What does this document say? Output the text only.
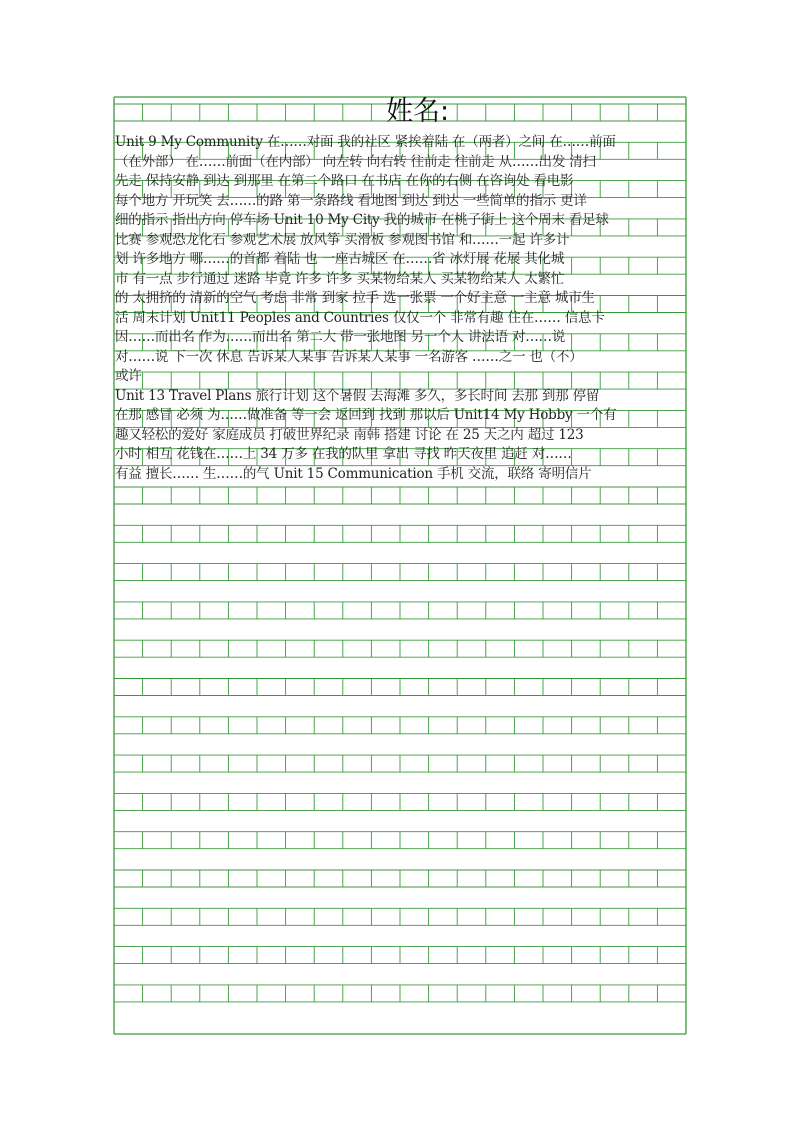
姓名:
Unit 9 My Community 在……对面 我的社区 紧挨着陆 在（两者）之间 在……前面
（在外部） 在……前面（在内部） 向左转 向右转 往前走 往前走 从……出发 清扫
先走 保持安静 到达 到那里 在第二个路口 在书店 在你的右侧 在咨询处 看电影
每个地方 开玩笑 去……的路 第一条路线 看地图 到达 到达 一些简单的指示 更详
细的指示 指出方向 停车场 Unit 10 My City 我的城市 在桃子街上 这个周末 看足球
比赛 参观恐龙化石 参观艺术展 放风筝 买滑板 参观图书馆 和……一起 许多计
划 许多地方 哪……的首都 着陆 也 一座古城区 在……省 冰灯展 花展 其化城
市 有一点 步行通过 迷路 毕竟 许多 许多 买某物给某人 买某物给某人 太繁忙
的 太拥挤的 清新的空气 考虑 非常 到家 拉手 选一张票 一个好主意 一主意 城市生
活 周末计划 Unit11 Peoples and Countries 仅仅一个 非常有趣 住在…… 信息卡
因……而出名 作为……而出名 第二大 带一张地图 另一个人 讲法语 对……说
对……说 下一次 休息 告诉某人某事 告诉某人某事 一名游客 ……之一 也（不）
或许
Unit 13 Travel Plans 旅行计划 这个暑假 去海滩 多久，多长时间 去那 到那 停留
在那 感冒 必须 为……做准备 等一会 返回到 找到 那以后 Unit14 My Hobby 一个有
趣又轻松的爱好 家庭成员 打破世界纪录 南韩 搭建 讨论 在 25 天之内 超过 123
小时 相互 花钱在……上 34 万多 在我的队里 拿出 寻找 昨天夜里 追赶 对……
有益 擅长…… 生……的气 Unit 15 Communication 手机 交流，联络 寄明信片
